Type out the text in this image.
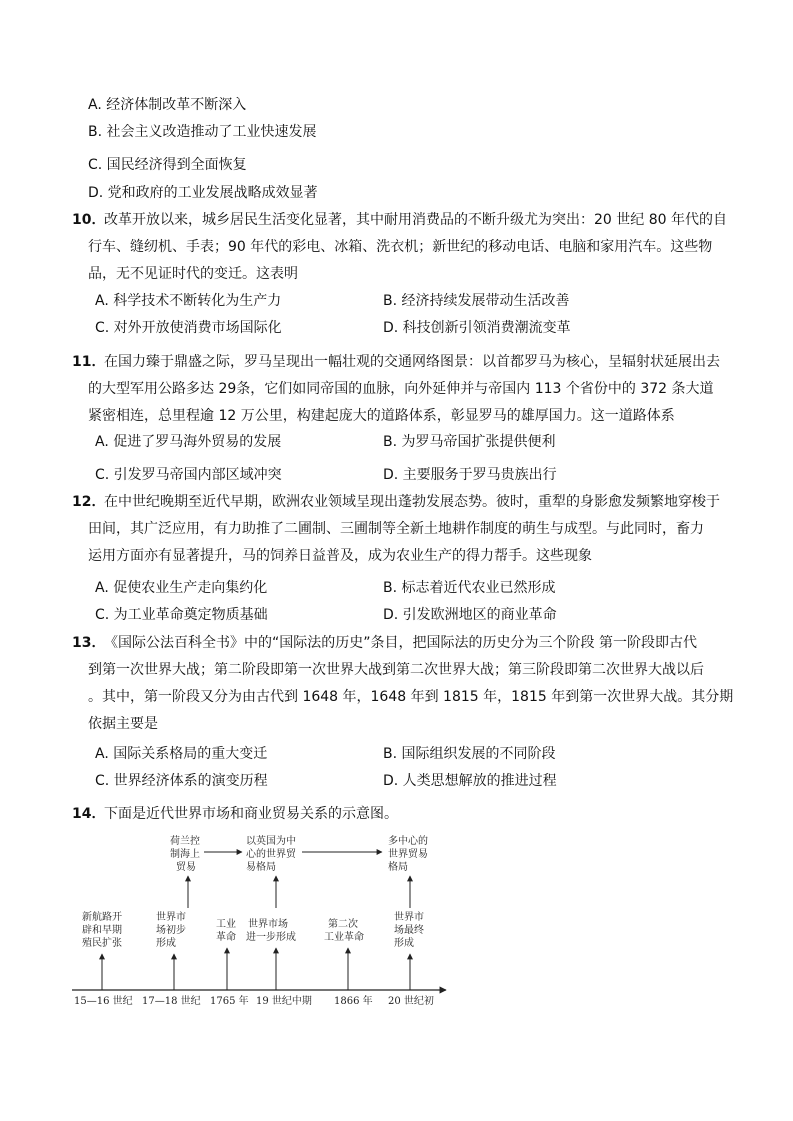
A. 经济体制改革不断深入
B. 社会主义改造推动了工业快速发展
C. 国民经济得到全面恢复
D. 党和政府的工业发展战略成效显著
10．
改革开放以来，城乡居民生活变化显著，其中耐用消费品的不断升级尤为突出：20 世纪 80 年代的自
行车、缝纫机、手表；90 年代的彩电、冰箱、洗衣机；新世纪的移动电话、电脑和家用汽车。这些物
品，无不见证时代的变迁。这表明
A. 科学技术不断转化为生产力	B. 经济持续发展带动生活改善
C. 对外开放使消费市场国际化	D. 科技创新引领消费潮流变革
11．
在国力臻于鼎盛之际，罗马呈现出一幅壮观的交通网络图景：以首都罗马为核心，呈辐射状延展出去
的大型军用公路多达 29条，它们如同帝国的血脉，向外延伸并与帝国内 113 个省份中的 372 条大道
紧密相连，总里程逾 12 万公里，构建起庞大的道路体系，彰显罗马的雄厚国力。这一道路体系
A. 促进了罗马海外贸易的发展	B. 为罗马帝国扩张提供便利
C. 引发罗马帝国内部区域冲突	D. 主要服务于罗马贵族出行
12．
在中世纪晚期至近代早期，欧洲农业领域呈现出蓬勃发展态势。彼时，重犁的身影愈发频繁地穿梭于
田间，其广泛应用，有力助推了二圃制、三圃制等全新土地耕作制度的萌生与成型。与此同时，畜力
运用方面亦有显著提升，马的饲养日益普及，成为农业生产的得力帮手。这些现象
A. 促使农业生产走向集约化	B. 标志着近代农业已然形成
C. 为工业革命奠定物质基础	D. 引发欧洲地区的商业革命
13．
《国际公法百科全书》中的“国际法的历史”条目，把国际法的历史分为三个阶段 第一阶段即古代
到第一次世界大战；第二阶段即第一次世界大战到第二次世界大战；第三阶段即第二次世界大战以后
。其中，第一阶段又分为由古代到 1648 年，1648 年到 1815 年，1815 年到第一次世界大战。其分期
依据主要是
A. 国际关系格局的重大变迁	B. 国际组织发展的不同阶段
C. 世界经济体系的演变历程	D. 人类思想解放的推进过程
14．
下面是近代世界市场和商业贸易关系的示意图。
荷兰控
制海上
贸易
以英国为中
心的世界贸
易格局
多中心的
世界贸易
格局
新航路开
辟和早期
殖民扩张
世界市
场初步
形成
工业
革命
世界市场
进一步形成
第二次
工业革命
世界市
场最终
形成
15—16 世纪 17—18 世纪 1765 年 19 世纪中期 1866 年 20 世纪初
